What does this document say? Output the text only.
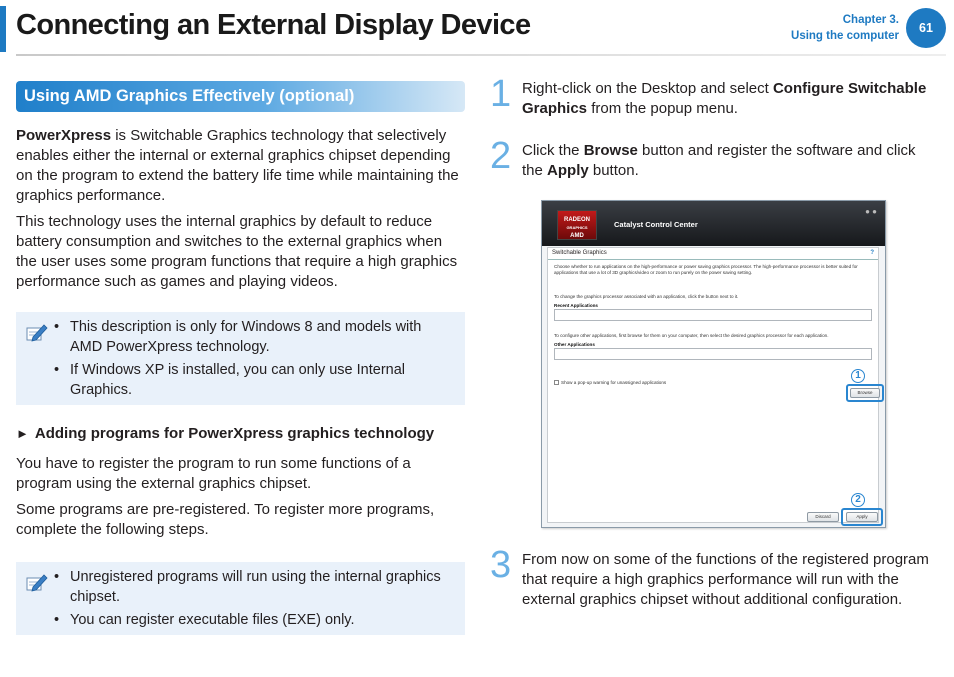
Connecting an External Display Device	Chapter 3.
Using the computer
61
Using AMD Graphics Effectively (optional)

PowerXpress is Switchable Graphics technology that selectively enables either the internal or external graphics chipset depending on the program to extend the battery life time while maintaining the graphics performance.

This technology uses the internal graphics by default to reduce battery consumption and switches to the external graphics when the user uses some program functions that require a high graphics performance such as games and playing videos.

• This description is only for Windows 8 and models with AMD PowerXpress technology.
• If Windows XP is installed, you can only use Internal Graphics.
► Adding programs for PowerXpress graphics technology

You have to register the program to run some functions of a program using the external graphics chipset.

Some programs are pre-registered. To register more programs, complete the following steps.

• Unregistered programs will run using the internal graphics chipset.
• You can register executable files (EXE) only.
1 Right-click on the Desktop and select Configure Switchable Graphics from the popup menu.
2 Click the Browse button and register the software and click the Apply button.
RADEON
GRAPHICS
AMD
Catalyst Control Center
● ●
Switchable Graphics	?
Choose whether to run applications on the high-performance or power saving graphics processor. The high-performance processor is better suited for applications that use a lot of 3D graphics/video or zoom to run purely on the power saving setting.
To change the graphics processor associated with an application, click the button next to it.
Recent Applications
To configure other applications, first browse for them on your computer, then select the desired graphics processor for each application.
Other Applications
Show a pop-up warning for unassigned applications
Browse
1
Discard	Apply
2
3 From now on some of the functions of the registered program that require a high graphics performance will run with the external graphics chipset without additional configuration.
